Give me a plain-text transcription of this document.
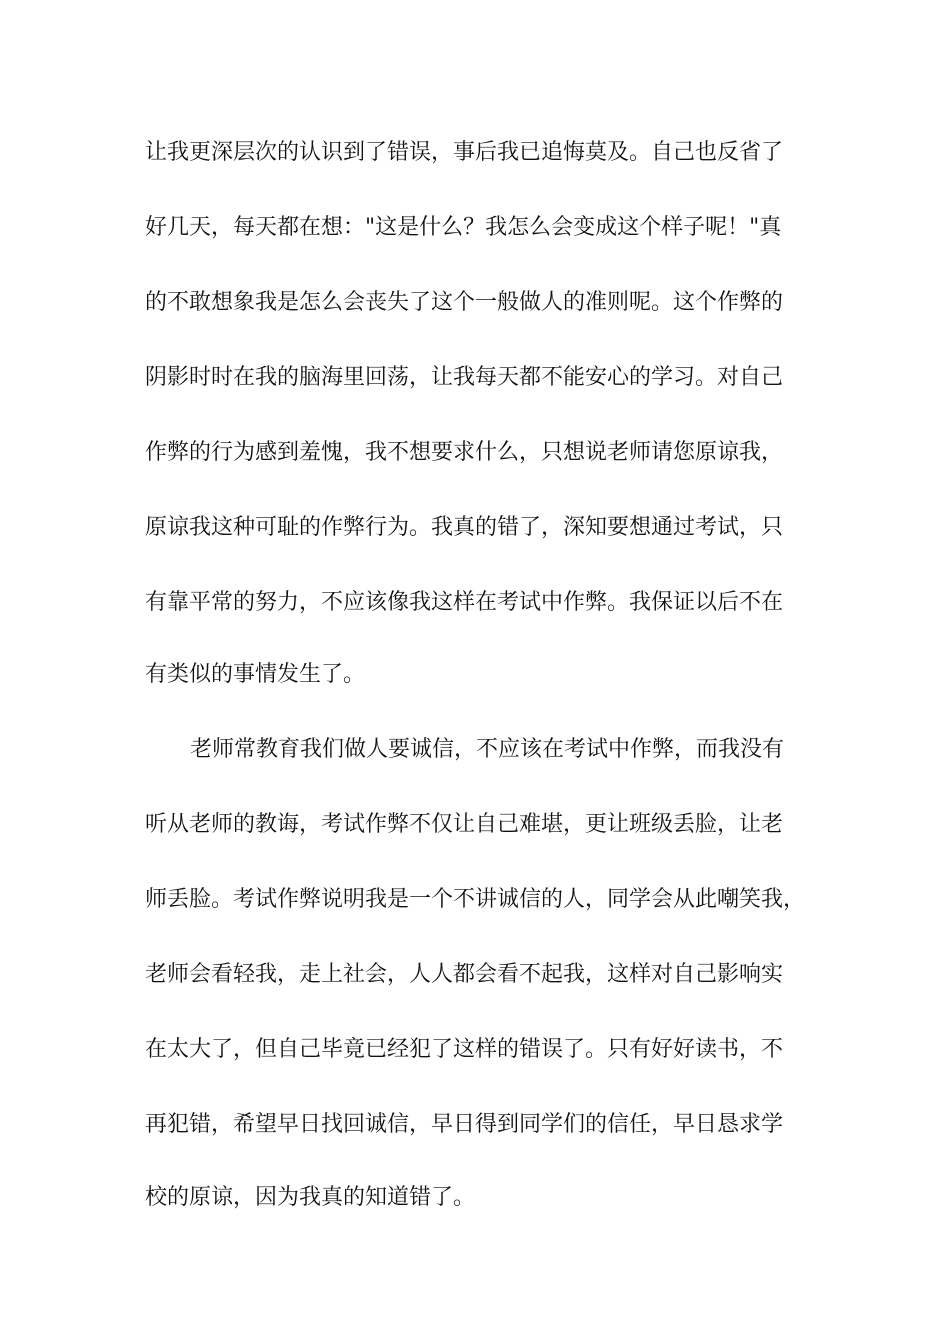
让我更深层次的认识到了错误，事后我已追悔莫及。自己也反省了
好几天，每天都在想："这是什么？我怎么会变成这个样子呢！"真
的不敢想象我是怎么会丧失了这个一般做人的准则呢。这个作弊的
阴影时时在我的脑海里回荡，让我每天都不能安心的学习。对自己
作弊的行为感到羞愧，我不想要求什么，只想说老师请您原谅我，
原谅我这种可耻的作弊行为。我真的错了，深知要想通过考试，只
有靠平常的努力，不应该像我这样在考试中作弊。我保证以后不在
有类似的事情发生了。
老师常教育我们做人要诚信，不应该在考试中作弊，而我没有
听从老师的教诲，考试作弊不仅让自己难堪，更让班级丢脸，让老
师丢脸。考试作弊说明我是一个不讲诚信的人，同学会从此嘲笑我，
老师会看轻我，走上社会，人人都会看不起我，这样对自己影响实
在太大了，但自己毕竟已经犯了这样的错误了。只有好好读书，不
再犯错，希望早日找回诚信，早日得到同学们的信任，早日恳求学
校的原谅，因为我真的知道错了。
